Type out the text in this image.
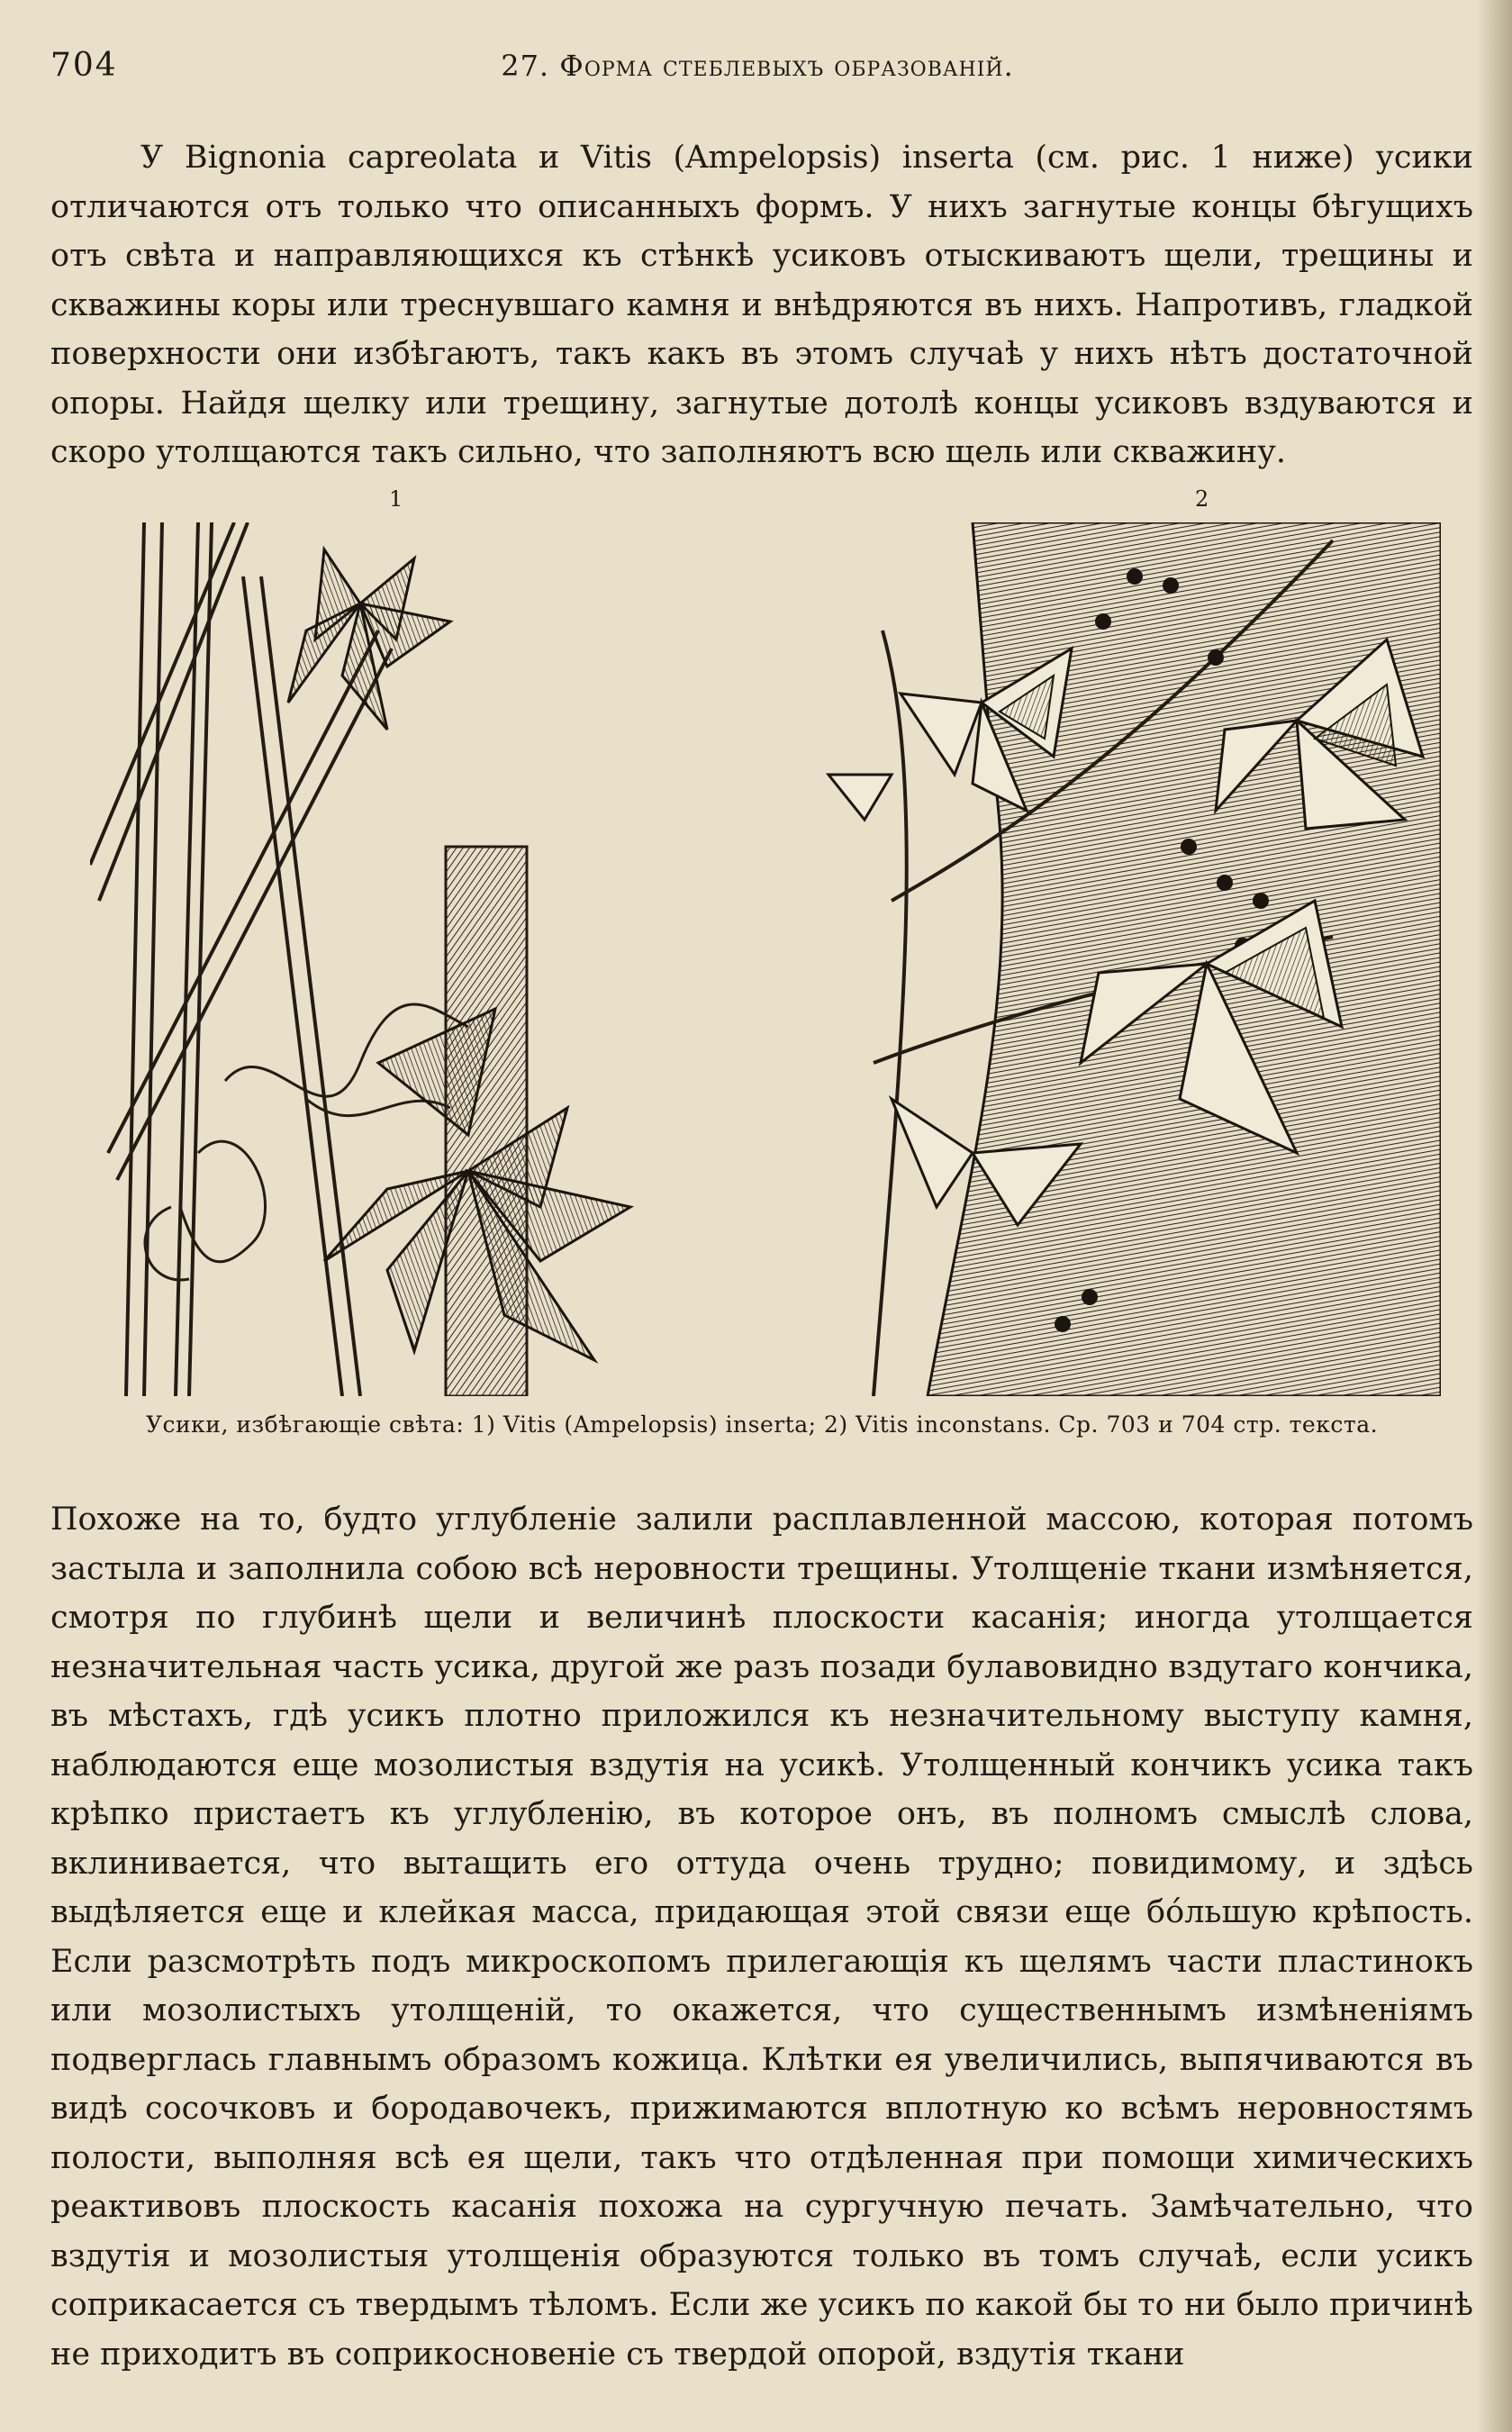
704	27. Форма стеблевыхъ образованій.

У Bignonia capreolata и Vitis (Ampelopsis) inserta (см. рис. 1 ниже) усики отличаются отъ только что описанныхъ формъ. У нихъ загнутые концы бѣгущихъ отъ свѣта и направляющихся къ стѣнкѣ усиковъ отыскиваютъ щели, трещины и скважины коры или треснувшаго камня и внѣдряются въ нихъ. Напротивъ, гладкой поверхности они избѣгаютъ, такъ какъ въ этомъ случаѣ у нихъ нѣтъ достаточной опоры. Найдя щелку или трещину, загнутые дотолѣ концы усиковъ вздуваются и скоро утолщаются такъ сильно, что заполняютъ всю щель или скважину.

1	2
Усики, избѣгающіе свѣта: 1) Vitis (Ampelopsis) inserta; 2) Vitis inconstans. Ср. 703 и 704 стр. текста.

Похоже на то, будто углубленіе залили расплавленной массою, которая потомъ застыла и заполнила собою всѣ неровности трещины. Утолщеніе ткани измѣняется, смотря по глубинѣ щели и величинѣ плоскости касанія; иногда утолщается незначительная часть усика, другой же разъ позади булавовидно вздутаго кончика, въ мѣстахъ, гдѣ усикъ плотно приложился къ незначительному выступу камня, наблюдаются еще мозолистыя вздутія на усикѣ. Утолщенный кончикъ усика такъ крѣпко пристаетъ къ углубленію, въ которое онъ, въ полномъ смыслѣ слова, вклинивается, что вытащить его оттуда очень трудно; повидимому, и здѣсь выдѣляется еще и клейкая масса, придающая этой связи еще бóльшую крѣпость. Если разсмотрѣть подъ микроскопомъ прилегающія къ щелямъ части пластинокъ или мозолистыхъ утолщеній, то окажется, что существеннымъ измѣненіямъ подверглась главнымъ образомъ кожица. Клѣтки ея увеличились, выпячиваются въ видѣ сосочковъ и бородавочекъ, прижимаются вплотную ко всѣмъ неровностямъ полости, выполняя всѣ ея щели, такъ что отдѣленная при помощи химическихъ реактивовъ плоскость касанія похожа на сургучную печать. Замѣчательно, что вздутія и мозолистыя утолщенія образуются только въ томъ случаѣ, если усикъ соприкасается съ твердымъ тѣломъ. Если же усикъ по какой бы то ни было причинѣ не приходитъ въ соприкосновеніе съ твердой опорой, вздутія ткани
